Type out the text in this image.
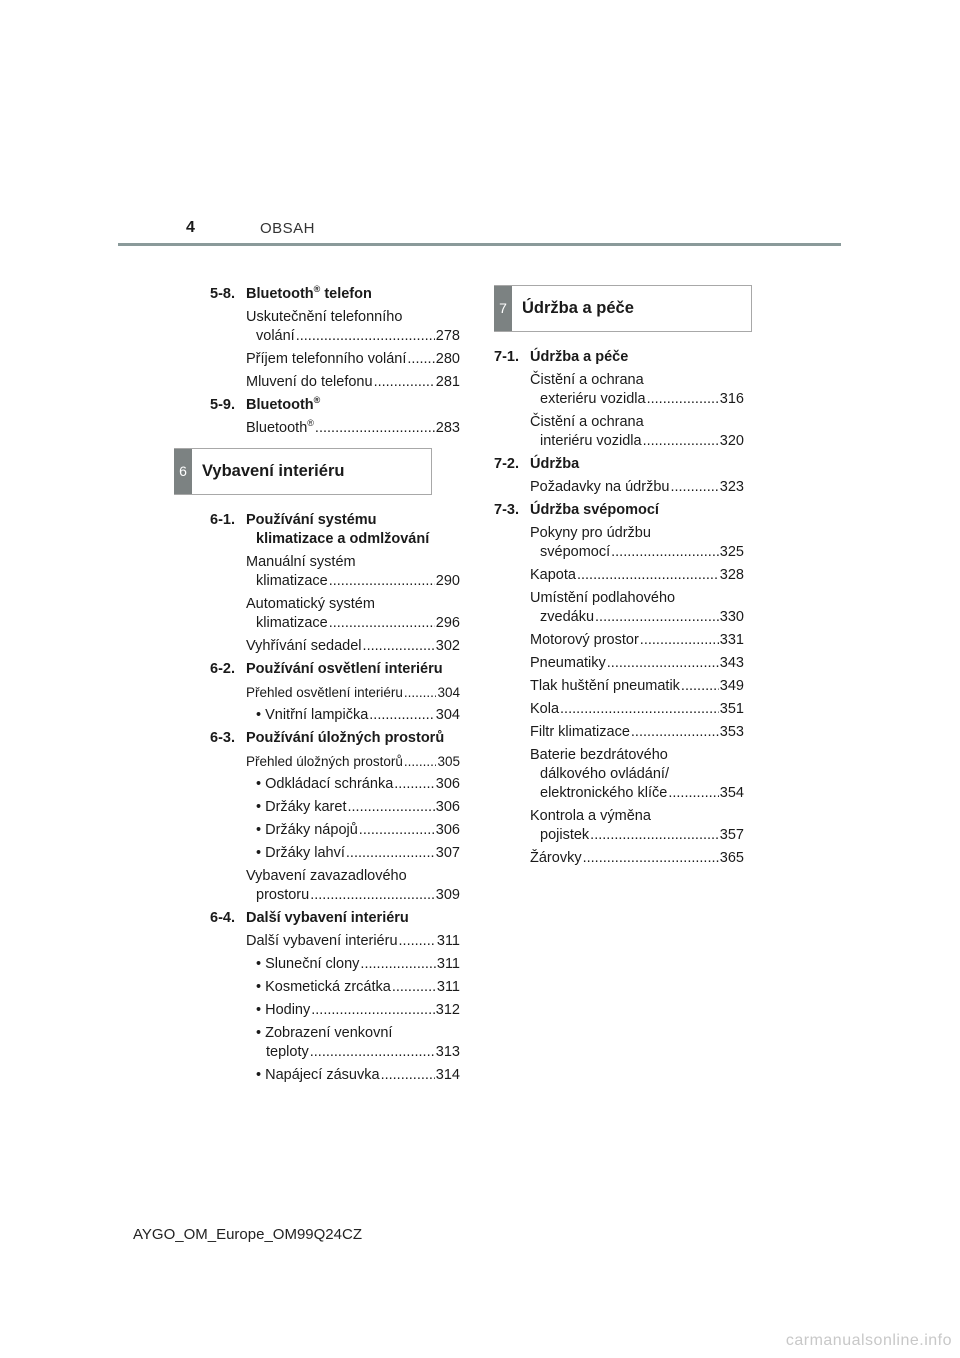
4	OBSAH
5-8. Bluetooth® telefon
Uskutečnění telefonního
volání .....	278
Příjem telefonního volání ..... 280
Mluvení do telefonu .....	281
5-9. Bluetooth®
Bluetooth® .....	283
6 Vybavení interiéru
6-1. Používání systému
klimatizace a odmlžování
Manuální systém
klimatizace .....	290
Automatický systém
klimatizace .....	296
Vyhřívání sedadel .....	302
6-2. Používání osvětlení interiéru
Přehled osvětlení interiéru .....	304
• Vnitřní lampička .....	304
6-3. Používání úložných prostorů
Přehled úložných prostorů .....	305
• Odkládací schránka .....	306
• Držáky karet .....	306
• Držáky nápojů .....	306
• Držáky lahví .....	307
Vybavení zavazadlového
prostoru .....	309
6-4. Další vybavení interiéru
Další vybavení interiéru .....	311
• Sluneční clony .....	311
• Kosmetická zrcátka .....	311
• Hodiny .....	312
• Zobrazení venkovní
teploty .....	313
• Napájecí zásuvka .....	314
7 Údržba a péče
7-1. Údržba a péče
Čistění a ochrana
exteriéru vozidla .....	316
Čistění a ochrana
interiéru vozidla .....	320
7-2. Údržba
Požadavky na údržbu .....	323
7-3. Údržba svépomocí
Pokyny pro údržbu
svépomocí .....	325
Kapota .....	328
Umístění podlahového
zvedáku .....	330
Motorový prostor .....	331
Pneumatiky .....	343
Tlak huštění pneumatik .....	349
Kola .....	351
Filtr klimatizace .....	353
Baterie bezdrátového
dálkového ovládání/
elektronického klíče .....	354
Kontrola a výměna
pojistek .....	357
Žárovky .....	365
AYGO_OM_Europe_OM99Q24CZ
carmanualsonline.info
